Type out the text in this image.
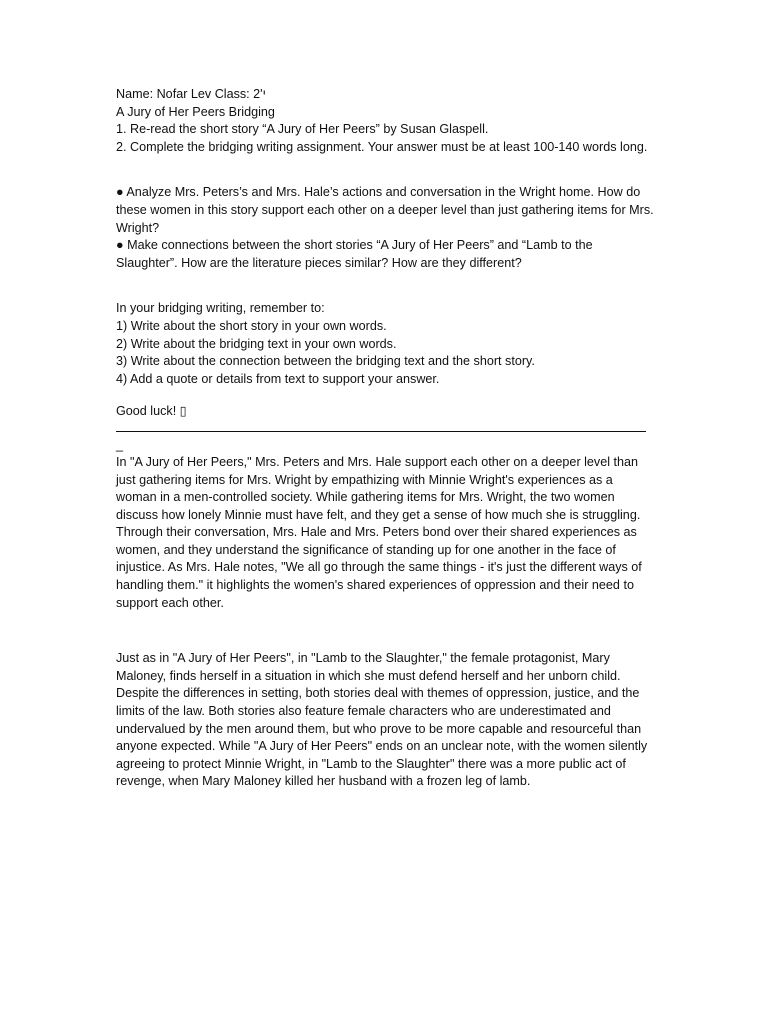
Name: Nofar Lev Class: 2'י
A Jury of Her Peers Bridging
1. Re-read the short story “A Jury of Her Peers” by Susan Glaspell.

2. Complete the bridging writing assignment. Your answer must be at least 100-140 words long.

● Analyze Mrs. Peters’s and Mrs. Hale’s actions and conversation in the Wright home. How do these women in this story support each other on a deeper level than just gathering items for Mrs. Wright?

● Make connections between the short stories “A Jury of Her Peers” and “Lamb to the Slaughter”. How are the literature pieces similar? How are they different?

In your bridging writing, remember to:
1) Write about the short story in your own words.
2) Write about the bridging text in your own words.
3) Write about the connection between the bridging text and the short story.
4) Add a quote or details from text to support your answer.
Good luck! ▯
_

In "A Jury of Her Peers," Mrs. Peters and Mrs. Hale support each other on a deeper level than just gathering items for Mrs. Wright by empathizing with Minnie Wright's experiences as a woman in a men-controlled society. While gathering items for Mrs. Wright, the two women discuss how lonely Minnie must have felt, and they get a sense of how much she is struggling. Through their conversation, Mrs. Hale and Mrs. Peters bond over their shared experiences as women, and they understand the significance of standing up for one another in the face of injustice. As Mrs. Hale notes, "We all go through the same things - it's just the different ways of handling them." it highlights the women's shared experiences of oppression and their need to support each other.

Just as in "A Jury of Her Peers", in "Lamb to the Slaughter," the female protagonist, Mary Maloney, finds herself in a situation in which she must defend herself and her unborn child. Despite the differences in setting, both stories deal with themes of oppression, justice, and the limits of the law. Both stories also feature female characters who are underestimated and undervalued by the men around them, but who prove to be more capable and resourceful than anyone expected. While "A Jury of Her Peers" ends on an unclear note, with the women silently agreeing to protect Minnie Wright, in "Lamb to the Slaughter" there was a more public act of revenge, when Mary Maloney killed her husband with a frozen leg of lamb.
